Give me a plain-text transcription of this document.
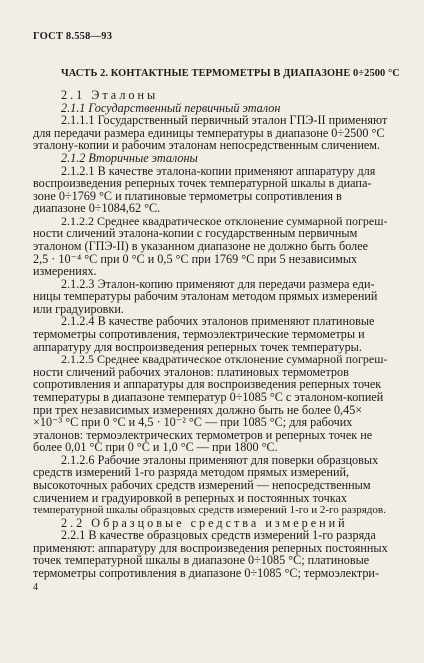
ГОСТ 8.558—93
ЧАСТЬ 2. КОНТАКТНЫЕ ТЕРМОМЕТРЫ В ДИАПАЗОНЕ 0÷2500 °С
2.1 Эталоны
2.1.1 Государственный первичный эталон
2.1.1.1 Государственный первичный эталон ГПЭ-II применяют
для передачи размера единицы температуры в диапазоне 0÷2500 °С
эталону-копии и рабочим эталонам непосредственным сличением.
2.1.2 Вторичные эталоны
2.1.2.1 В качестве эталона-копии применяют аппаратуру для
воспроизведения реперных точек температурной шкалы в диапа-
зоне 0÷1769 °С и платиновые термометры сопротивления в
диапазоне 0÷1084,62 °С.
2.1.2.2 Среднее квадратическое отклонение суммарной погреш-
ности сличений эталона-копии с государственным первичным
эталоном (ГПЭ-II) в указанном диапазоне не должно быть более
2,5 · 10⁻⁴ °С при 0 °С и 0,5 °С при 1769 °С при 5 независимых
измерениях.
2.1.2.3 Эталон-копию применяют для передачи размера еди-
ницы температуры рабочим эталонам методом прямых измерений
или градуировки.
2.1.2.4 В качестве рабочих эталонов применяют платиновые
термометры сопротивления, термоэлектрические термометры и
аппаратуру для воспроизведения реперных точек температуры.
2.1.2.5 Среднее квадратическое отклонение суммарной погреш-
ности сличений рабочих эталонов: платиновых термометров
сопротивления и аппаратуры для воспроизведения реперных точек
температуры в диапазоне температур 0÷1085 °С с эталоном-копией
при трех независимых измерениях должно быть не более 0,45×
×10⁻³ °С при 0 °С и 4,5 · 10⁻² °С — при 1085 °С; для рабочих
эталонов: термоэлектрических термометров и реперных точек не
более 0,01 °С при 0 °С и 1,0 °С — при 1800 °С.
2.1.2.6 Рабочие эталоны применяют для поверки образцовых
средств измерений 1-го разряда методом прямых измерений,
высокоточных рабочих средств измерений — непосредственным
сличением и градуировкой в реперных и постоянных точках
температурной шкалы образцовых средств измерений 1-го и 2-го разрядов.
2.2 Образцовые средства измерений
2.2.1 В качестве образцовых средств измерений 1-го разряда
применяют: аппаратуру для воспроизведения реперных постоянных
точек температурной шкалы в диапазоне 0÷1085 °С; платиновые
термометры сопротивления в диапазоне 0÷1085 °С; термоэлектри-
4
